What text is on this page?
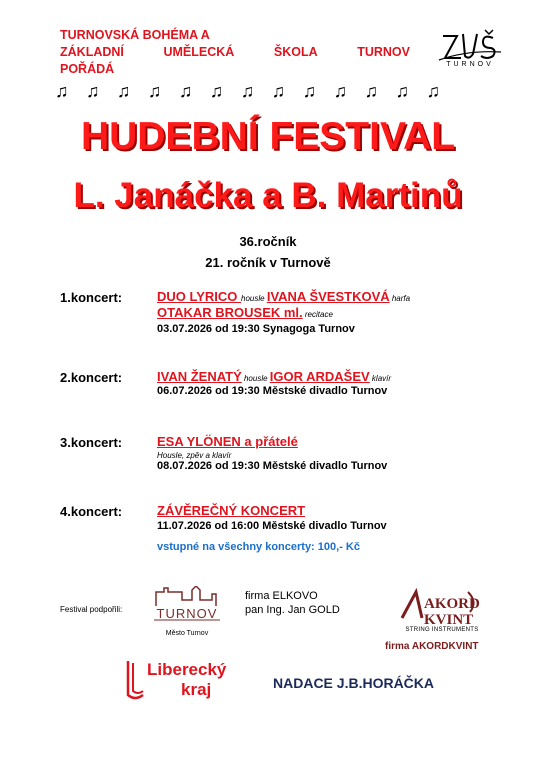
TURNOVSKÁ BOHÉMA A
ZÁKLADNÍ	UMĚLECKÁ	ŠKOLA	TURNOV
POŘÁDÁ
♫ ♫ ♫ ♫ ♫ ♫ ♫ ♫ ♫ ♫ ♫ ♫ ♫
TURNOV
HUDEBNÍ FESTIVAL
L. Janáčka a B. Martinů
36.ročník
21. ročník v Turnově
1.koncert:	DUO LYRICO housle IVANA ŠVESTKOVÁ harfa
OTAKAR BROUSEK ml. recitace
03.07.2026 od 19:30 Synagoga Turnov
2.koncert:	IVAN ŽENATÝ housle IGOR ARDAŠEV klavír
06.07.2026 od 19:30 Městské divadlo Turnov
3.koncert:	ESA YLÖNEN a přátelé
Housle, zpěv a klavír
08.07.2026 od 19:30 Městské divadlo Turnov
4.koncert:	ZÁVĚREČNÝ KONCERT
11.07.2026 od 16:00 Městské divadlo Turnov
vstupné na všechny koncerty: 100,- Kč
Festival podpořili:	TURNOV
Město Turnov
firma ELKOVO
pan Ing. Jan GOLD	AKORD
KVINT
STRING INSTRUMENTS
firma AKORDKVINT
Liberecký
kraj	NADACE J.B.HORÁČKA
